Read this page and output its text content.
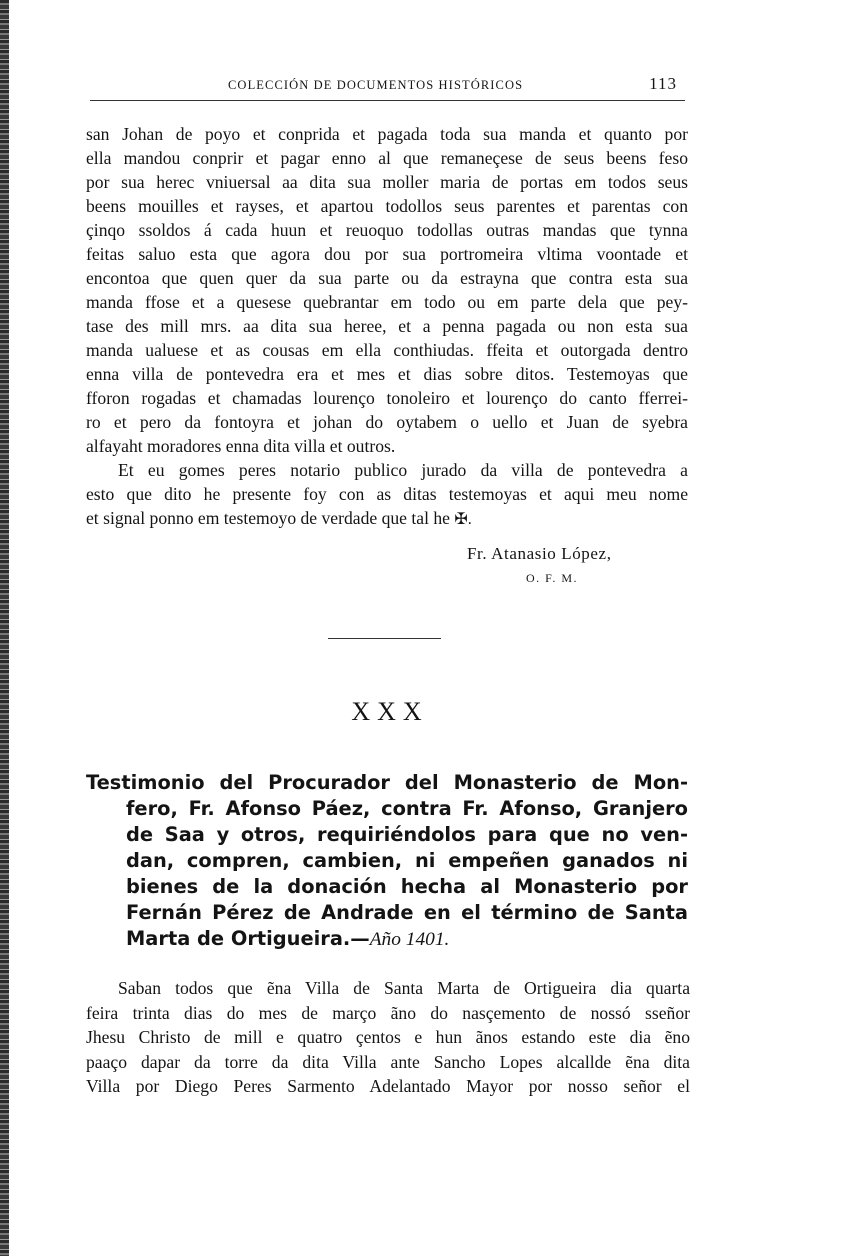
COLECCIÓN DE DOCUMENTOS HISTÓRICOS	113
san Johan de poyo et conprida et pagada toda sua manda et quanto por
ella mandou conprir et pagar enno al que remaneçese de seus beens feso
por sua herec vniuersal aa dita sua moller maria de portas em todos seus
beens mouilles et rayses, et apartou todollos seus parentes et parentas con
çinqo ssoldos á cada huun et reuoquo todollas outras mandas que tynna
feitas saluo esta que agora dou por sua portromeira vltima voontade et
encontoa que quen quer da sua parte ou da estrayna que contra esta sua
manda ffose et a quesese quebrantar em todo ou em parte dela que pey-
tase des mill mrs. aa dita sua heree, et a penna pagada ou non esta sua
manda ualuese et as cousas em ella conthiudas. ffeita et outorgada dentro
enna villa de pontevedra era et mes et dias sobre ditos. Testemoyas que
fforon rogadas et chamadas lourenço tonoleiro et lourenço do canto fferrei-
ro et pero da fontoyra et johan do oytabem o uello et Juan de syebra
alfayaht moradores enna dita villa et outros.
Et eu gomes peres notario publico jurado da villa de pontevedra a
esto que dito he presente foy con as ditas testemoyas et aqui meu nome
et signal ponno em testemoyo de verdade que tal he ✠.
Fr. Atanasio López,
O. F. M.
XXX
Testimonio del Procurador del Monasterio de Mon-
fero, Fr. Afonso Páez, contra Fr. Afonso, Granjero
de Saa y otros, requiriéndolos para que no ven-
dan, compren, cambien, ni empeñen ganados ni
bienes de la donación hecha al Monasterio por
Fernán Pérez de Andrade en el término de Santa
Marta de Ortigueira.—Año 1401.
Saban todos que ẽna Villa de Santa Marta de Ortigueira dia quarta
feira trinta dias do mes de março ãno do nasçemento de nossó sseñor
Jhesu Christo de mill e quatro çentos e hun ãnos estando este dia ẽno
paaço dapar da torre da dita Villa ante Sancho Lopes alcallde ẽna dita
Villa por Diego Peres Sarmento Adelantado Mayor por nosso señor el
